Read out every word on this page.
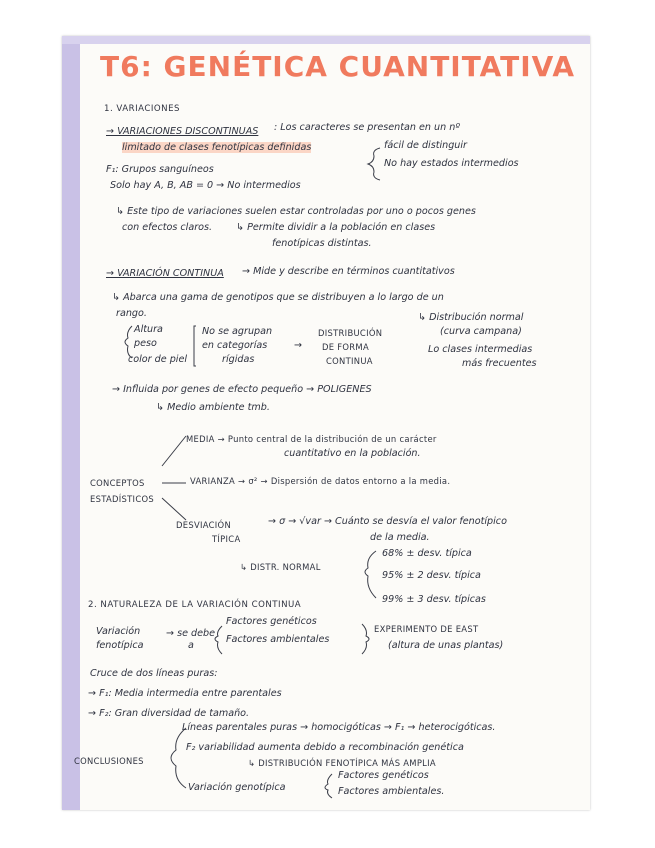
T6: GENÉTICA CUANTITATIVA
1. VARIACIONES
→ VARIACIONES DISCONTINUAS : Los caracteres se presentan en un nº
limitado de clases fenotípicas definidas	fácil de distinguir
No hay estados intermedios
F₁: Grupos sanguíneos
Solo hay A, B, AB = 0 → No intermedios
↳ Este tipo de variaciones suelen estar controladas por uno o pocos genes
con efectos claros. ↳ Permite dividir a la población en clases
fenotípicas distintas.
→ VARIACIÓN CONTINUA → Mide y describe en términos cuantitativos
↳ Abarca una gama de genotipos que se distribuyen a lo largo de un
rango.
Altura
peso
color de piel
No se agrupan
en categorías
rígidas
→
DISTRIBUCIÓN
DE FORMA
CONTINUA
↳ Distribución normal
(curva campana)
Lo clases intermedias
más frecuentes
→ Influida por genes de efecto pequeño → POLIGENES
↳ Medio ambiente tmb.
MEDIA → Punto central de la distribución de un carácter
cuantitativo en la población.
CONCEPTOS
ESTADÍSTICOS
VARIANZA → σ² → Dispersión de datos entorno a la media.
DESVIACIÓN
TÍPICA
→ σ → √var → Cuánto se desvía el valor fenotípico
de la media.
↳ DISTR. NORMAL
68% ± desv. típica
95% ± 2 desv. típica
99% ± 3 desv. típicas
2. NATURALEZA DE LA VARIACIÓN CONTINUA
Variación
fenotípica
→ se debe
a
Factores genéticos
Factores ambientales
EXPERIMENTO DE EAST
(altura de unas plantas)
Cruce de dos líneas puras:
→ F₁: Media intermedia entre parentales
→ F₂: Gran diversidad de tamaño.
CONCLUSIONES
Líneas parentales puras → homocigóticas → F₁ → heterocigóticas.
F₂ variabilidad aumenta debido a recombinación genética
↳ DISTRIBUCIÓN FENOTÍPICA MÁS AMPLIA
Variación genotípica
Factores genéticos
Factores ambientales.
